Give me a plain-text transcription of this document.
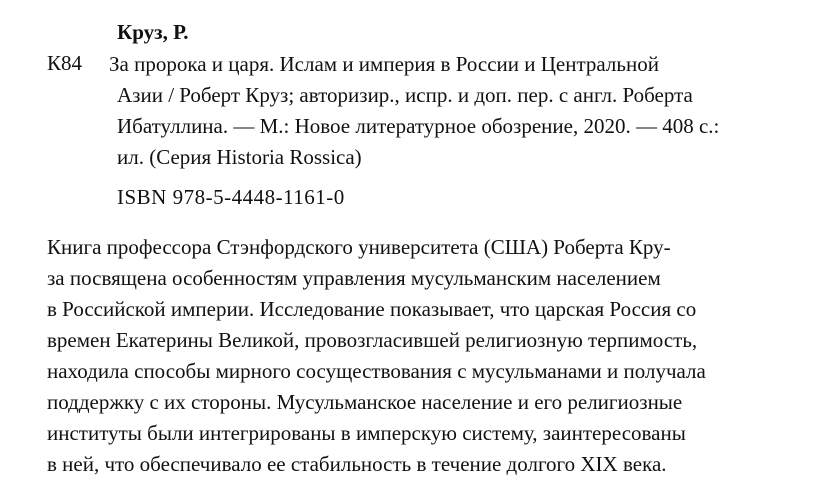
Круз, Р.
К84 За пророка и царя. Ислам и империя в России и Центральной
Азии / Роберт Круз; авторизир., испр. и доп. пер. с англ. Роберта
Ибатуллина. — М.: Новое литературное обозрение, 2020. — 408 с.:
ил. (Серия Historia Rossica)
ISBN 978-5-4448-1161-0
Книга профессора Стэнфордского университета (США) Роберта Кру-
за посвящена особенностям управления мусульманским населением
в Российской империи. Исследование показывает, что царская Россия со
времен Екатерины Великой, провозгласившей религиозную терпимость,
находила способы мирного сосуществования с мусульманами и получала
поддержку с их стороны. Мусульманское население и его религиозные
институты были интегрированы в имперскую систему, заинтересованы
в ней, что обеспечивало ее стабильность в течение долгого XIX века.
